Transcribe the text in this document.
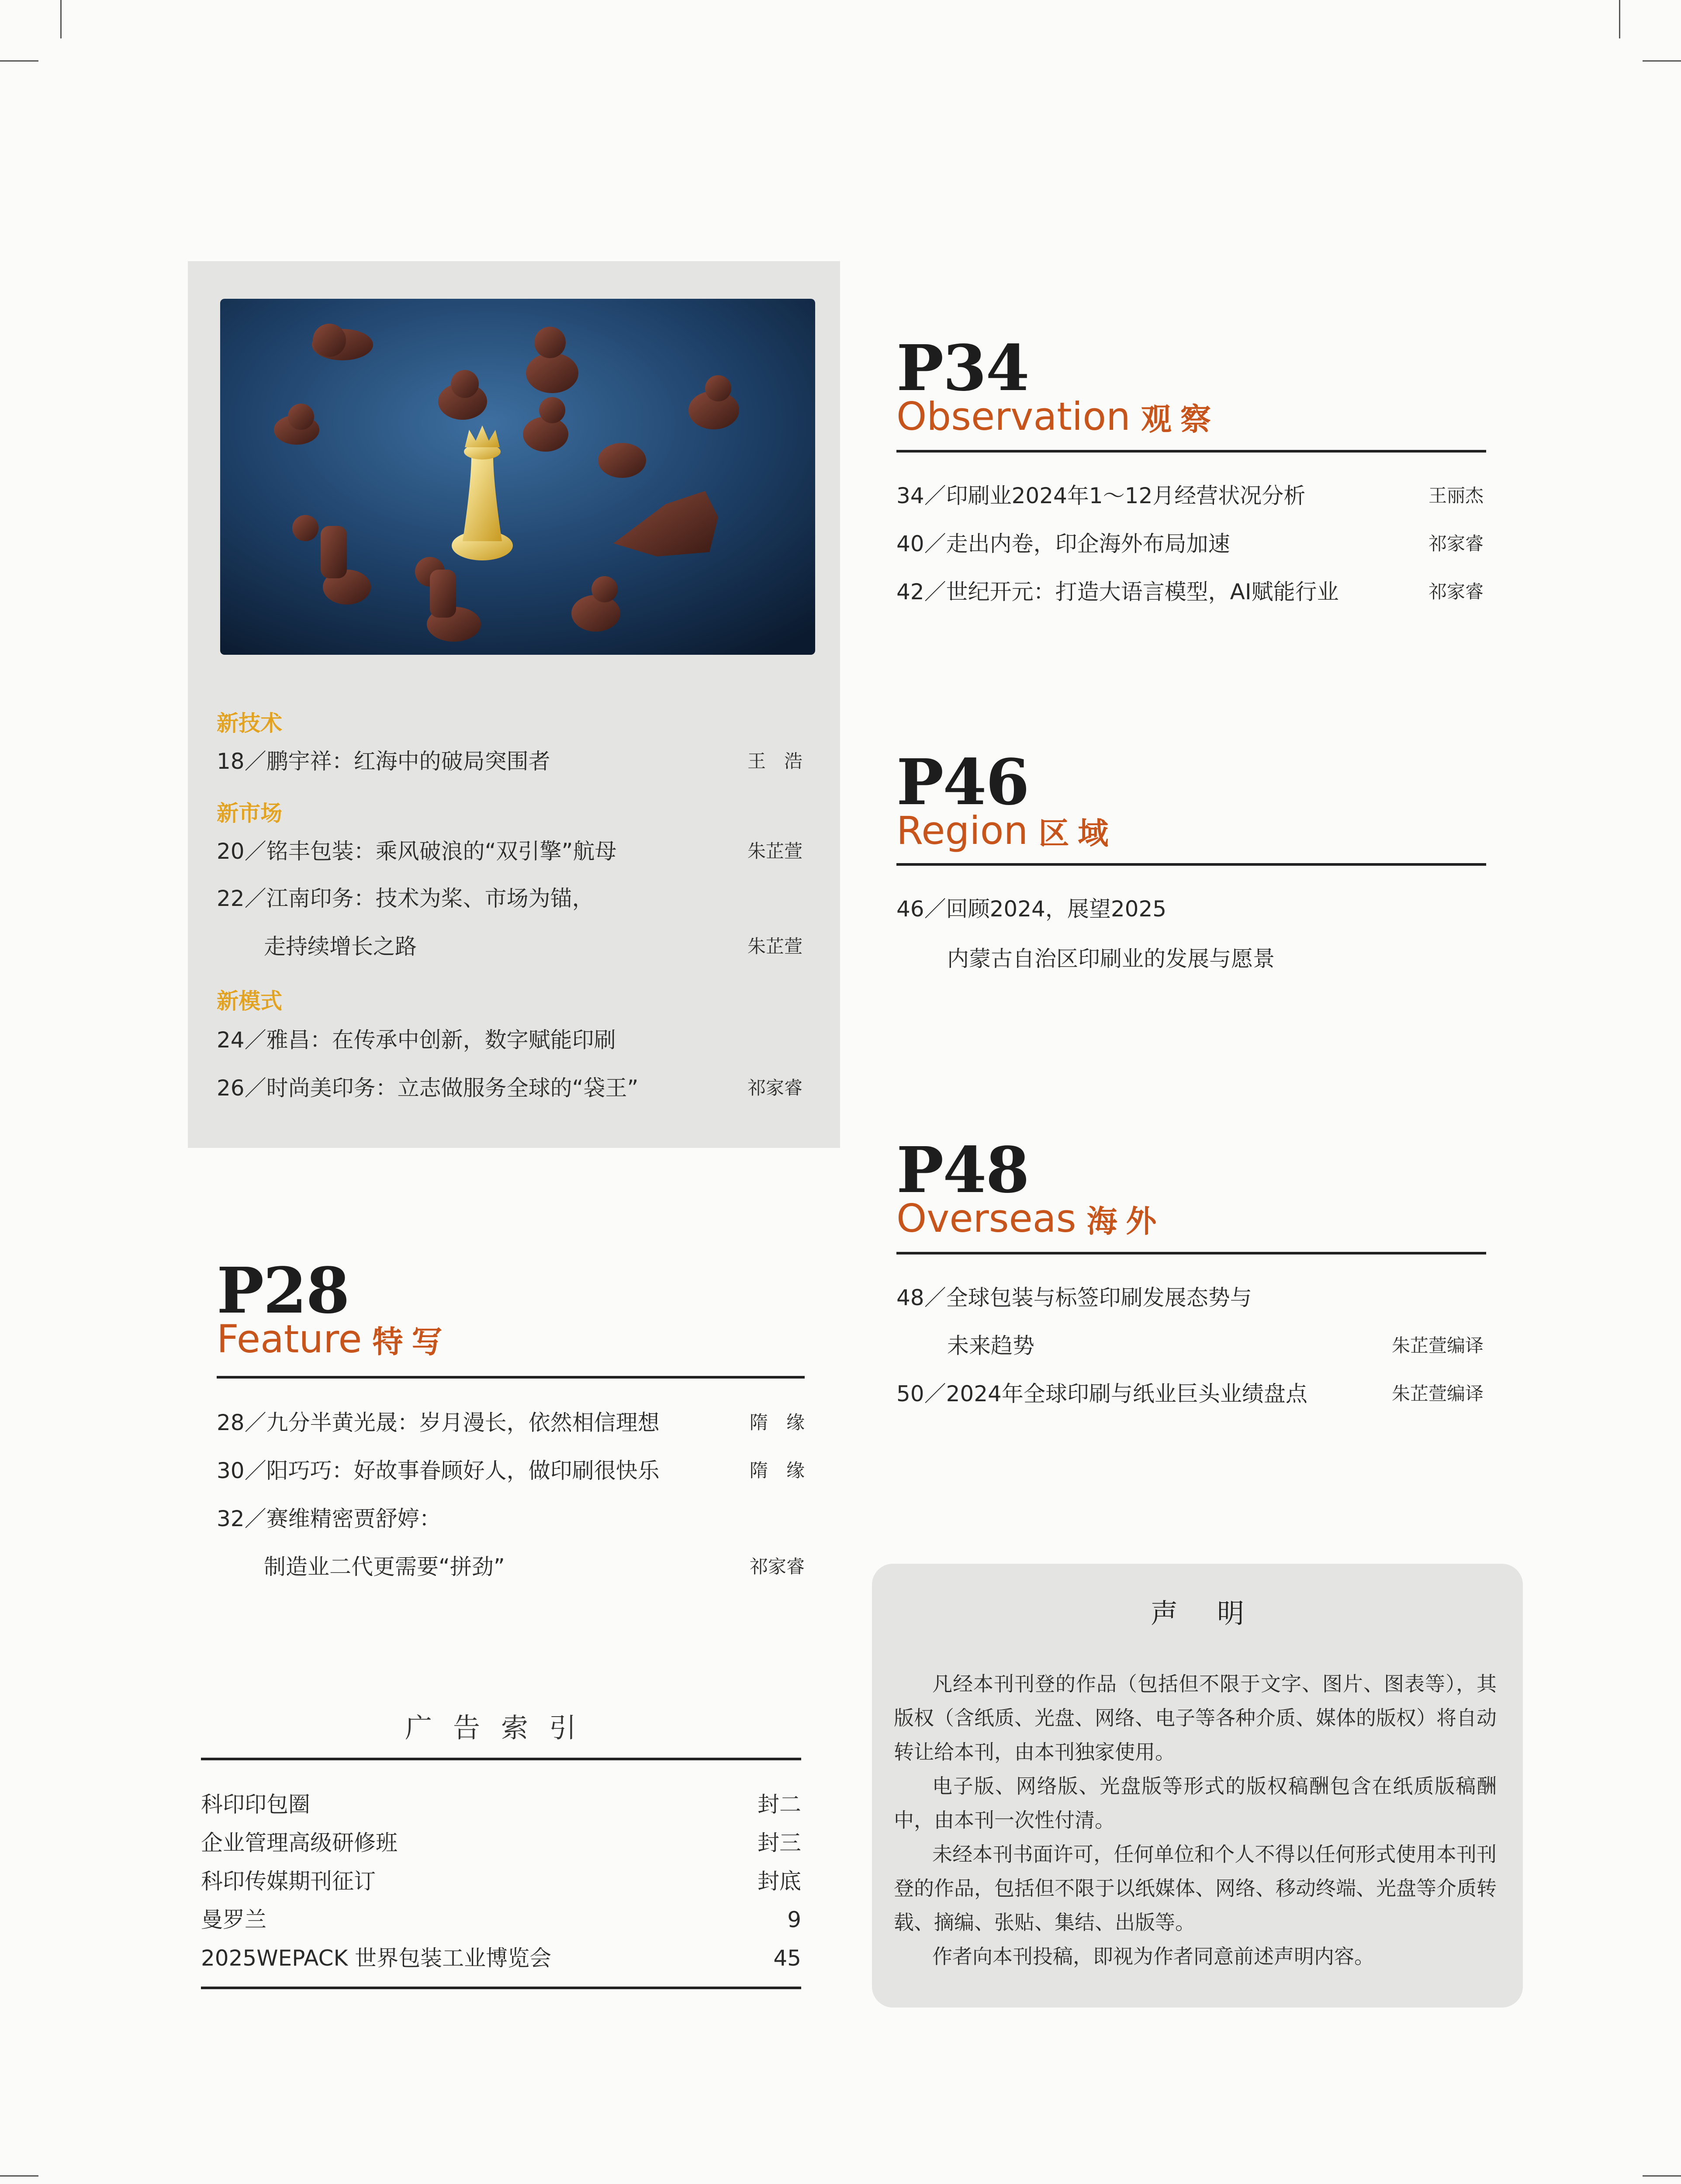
新技术
18／鹏宇祥：红海中的破局突围者	王　浩
新市场
20／铭丰包装：乘风破浪的“双引擎”航母	朱芷萱
22／江南印务：技术为桨、市场为锚，
走持续增长之路	朱芷萱
新模式
24／雅昌：在传承中创新，数字赋能印刷
26／时尚美印务：立志做服务全球的“袋王”	祁家睿
P28
Feature 特写
28／九分半黄光晟：岁月漫长，依然相信理想	隋　缘
30／阳巧巧：好故事眷顾好人，做印刷很快乐	隋　缘
32／赛维精密贾舒婷：
制造业二代更需要“拼劲”	祁家睿
广告索引
科印印包圈	封二
企业管理高级研修班	封三
科印传媒期刊征订	封底
曼罗兰	9
2025WEPACK 世界包装工业博览会	45
P34
Observation 观察
34／印刷业2024年1～12月经营状况分析	王丽杰
40／走出内卷，印企海外布局加速	祁家睿
42／世纪开元：打造大语言模型，AI赋能行业	祁家睿
P46
Region 区域
46／回顾2024，展望2025
内蒙古自治区印刷业的发展与愿景
P48
Overseas 海外
48／全球包装与标签印刷发展态势与
未来趋势	朱芷萱编译
50／2024年全球印刷与纸业巨头业绩盘点	朱芷萱编译
声明

凡经本刊刊登的作品（包括但不限于文字、图片、图表等），其版权（含纸质、光盘、网络、电子等各种介质、媒体的版权）将自动转让给本刊，由本刊独家使用。

电子版、网络版、光盘版等形式的版权稿酬包含在纸质版稿酬中，由本刊一次性付清。

未经本刊书面许可，任何单位和个人不得以任何形式使用本刊刊登的作品，包括但不限于以纸媒体、网络、移动终端、光盘等介质转载、摘编、张贴、集结、出版等。

作者向本刊投稿，即视为作者同意前述声明内容。
